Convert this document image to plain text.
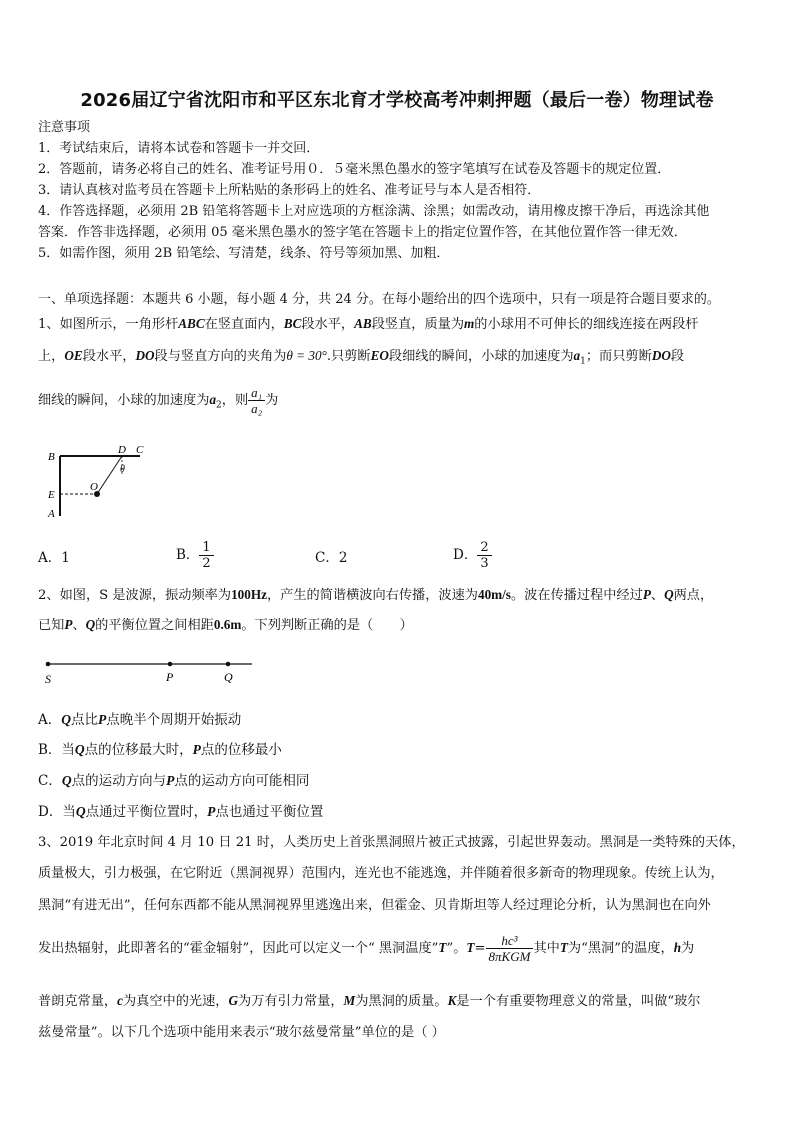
2026届辽宁省沈阳市和平区东北育才学校高考冲刺押题（最后一卷）物理试卷
注意事项
1．考试结束后，请将本试卷和答题卡一并交回．
2．答题前，请务必将自己的姓名、准考证号用０．５毫米黑色墨水的签字笔填写在试卷及答题卡的规定位置．
3．请认真核对监考员在答题卡上所粘贴的条形码上的姓名、准考证号与本人是否相符．
4．作答选择题，必须用 2B 铅笔将答题卡上对应选项的方框涂满、涂黑；如需改动，请用橡皮擦干净后，再选涂其他
答案．作答非选择题，必须用 05 毫米黑色墨水的签字笔在答题卡上的指定位置作答，在其他位置作答一律无效．
5．如需作图，须用 2B 铅笔绘、写清楚，线条、符号等须加黑、加粗．
一、单项选择题：本题共 6 小题，每小题 4 分，共 24 分。在每小题给出的四个选项中，只有一项是符合题目要求的。
1、如图所示，一角形杆ABC在竖直面内，BC段水平，AB段竖直，质量为m的小球用不可伸长的细线连接在两段杆
上，OE段水平，DO段与竖直方向的夹角为θ = 30°.只剪断EO段细线的瞬间，小球的加速度为$a_1$；而只剪断DO段
细线的瞬间，小球的加速度为$a_2$，则 $\frac{\text{a₁}}{\text{a₂}}$ 为
B
D C
θ
E
O
A
A．1	B． $\frac{1}{2}$	C．2	D． $\frac{2}{3}$
2、如图，S 是波源，振动频率为100Hz，产生的简谐横波向右传播，波速为40m/s。波在传播过程中经过P、Q两点，
已知P、Q的平衡位置之间相距0.6m。下列判断正确的是（　　）
S	P	Q
A．Q点比P点晚半个周期开始振动
B．当Q点的位移最大时，P点的位移最小
C．Q点的运动方向与P点的运动方向可能相同
D．当Q点通过平衡位置时，P点也通过平衡位置
3、2019 年北京时间 4 月 10 日 21 时，人类历史上首张黑洞照片被正式披露，引起世界轰动。黑洞是一类特殊的天体，
质量极大，引力极强，在它附近（黑洞视界）范围内，连光也不能逃逸，并伴随着很多新奇的物理现象。传统上认为，
黑洞“有进无出”，任何东西都不能从黑洞视界里逃逸出来，但霍金、贝肯斯坦等人经过理论分析，认为黑洞也在向外
发出热辐射，此即著名的“霍金辐射”，因此可以定义一个“ 黑洞温度”T”。$T= \frac{\text{hc³}}{\text{8πKGM}}$ 其中T为“黑洞”的温度，h为
普朗克常量，c为真空中的光速，G为万有引力常量，M为黑洞的质量。K是一个有重要物理意义的常量，叫做“玻尔
兹曼常量”。以下几个选项中能用来表示“玻尔兹曼常量”单位的是（ ）
